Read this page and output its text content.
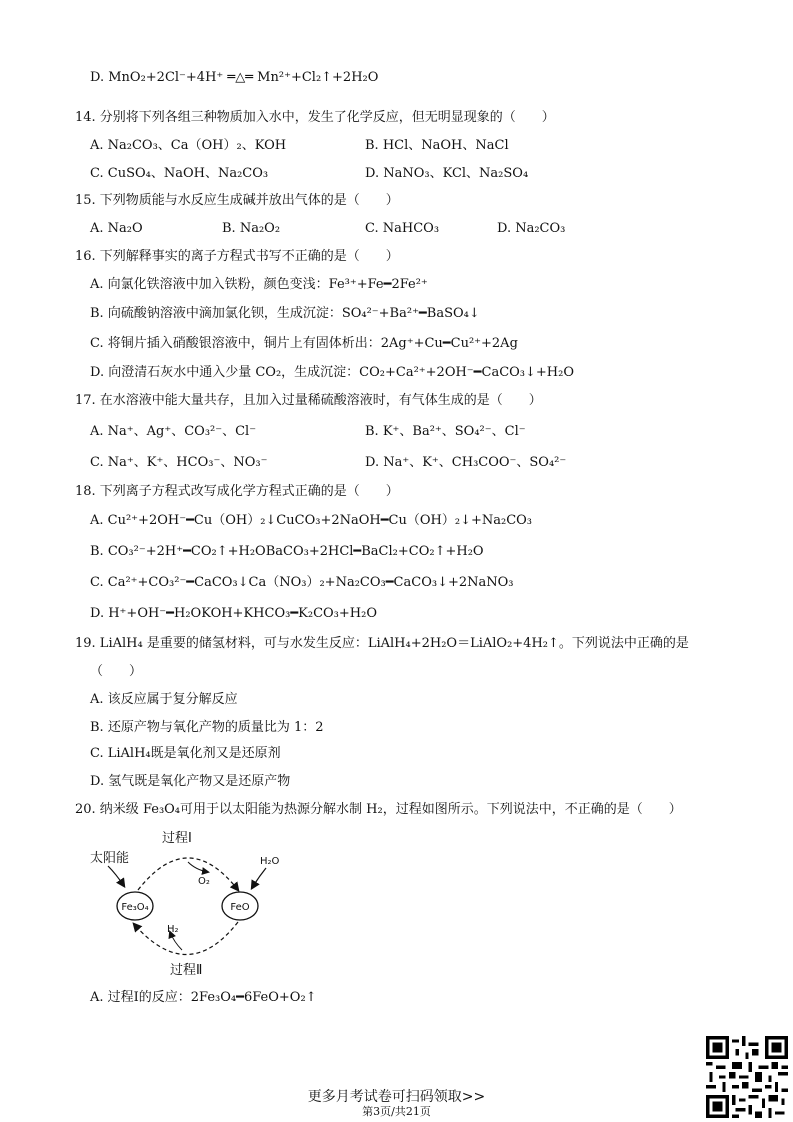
D. MnO₂+2Cl⁻+4H⁺ ═△═ Mn²⁺+Cl₂↑+2H₂O
14. 分别将下列各组三种物质加入水中，发生了化学反应，但无明显现象的（　　）
A. Na₂CO₃、Ca（OH）₂、KOH	B. HCl、NaOH、NaCl
C. CuSO₄、NaOH、Na₂CO₃	D. NaNO₃、KCl、Na₂SO₄
15. 下列物质能与水反应生成碱并放出气体的是（　　）
A. Na₂O	B. Na₂O₂	C. NaHCO₃	D. Na₂CO₃
16. 下列解释事实的离子方程式书写不正确的是（　　）
A. 向氯化铁溶液中加入铁粉，颜色变浅：Fe³⁺+Fe━2Fe²⁺
B. 向硫酸钠溶液中滴加氯化钡，生成沉淀：SO₄²⁻+Ba²⁺━BaSO₄↓
C. 将铜片插入硝酸银溶液中，铜片上有固体析出：2Ag⁺+Cu━Cu²⁺+2Ag
D. 向澄清石灰水中通入少量 CO₂，生成沉淀：CO₂+Ca²⁺+2OH⁻━CaCO₃↓+H₂O
17. 在水溶液中能大量共存，且加入过量稀硫酸溶液时，有气体生成的是（　　）
A. Na⁺、Ag⁺、CO₃²⁻、Cl⁻	B. K⁺、Ba²⁺、SO₄²⁻、Cl⁻
C. Na⁺、K⁺、HCO₃⁻、NO₃⁻	D. Na⁺、K⁺、CH₃COO⁻、SO₄²⁻
18. 下列离子方程式改写成化学方程式正确的是（　　）
A. Cu²⁺+2OH⁻━Cu（OH）₂↓CuCO₃+2NaOH━Cu（OH）₂↓+Na₂CO₃
B. CO₃²⁻+2H⁺━CO₂↑+H₂OBaCO₃+2HCl━BaCl₂+CO₂↑+H₂O
C. Ca²⁺+CO₃²⁻━CaCO₃↓Ca（NO₃）₂+Na₂CO₃━CaCO₃↓+2NaNO₃
D. H⁺+OH⁻━H₂OKOH+KHCO₃━K₂CO₃+H₂O
19. LiAlH₄ 是重要的储氢材料，可与水发生反应：LiAlH₄+2H₂O＝LiAlO₂+4H₂↑。下列说法中正确的是
（　　）
A. 该反应属于复分解反应
B. 还原产物与氧化产物的质量比为 1：2
C. LiAlH₄既是氧化剂又是还原剂
D. 氢气既是氧化产物又是还原产物
20. 纳米级 Fe₃O₄可用于以太阳能为热源分解水制 H₂，过程如图所示。下列说法中，不正确的是（　　）
过程Ⅰ
太阳能
O₂
H₂O
Fe₃O₄	FeO
H₂
过程Ⅱ
A. 过程Ⅰ的反应：2Fe₃O₄━6FeO+O₂↑
更多月考试卷可扫码领取>>
第3页/共21页
